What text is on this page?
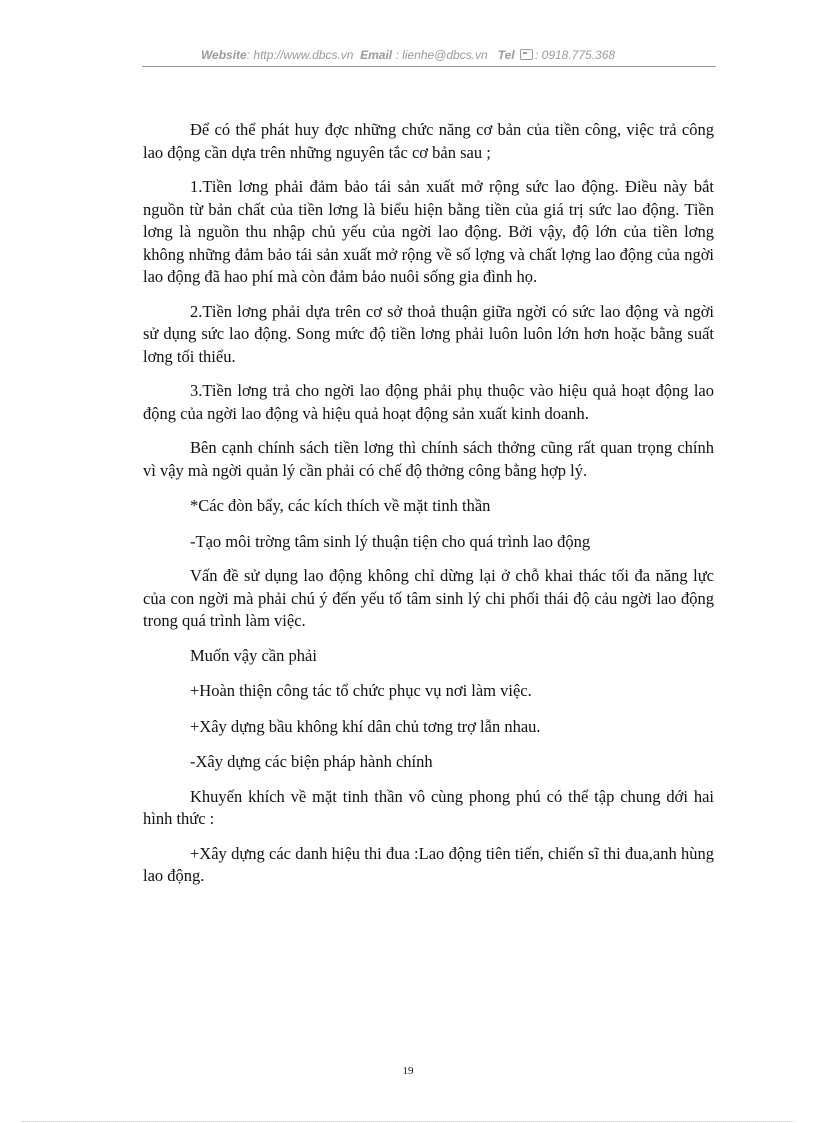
Website: http://www.dbcs.vn Email : lienhe@dbcs.vn Tel : 0918.775.368

Để có thể phát huy đợc những chức năng cơ bản của tiền công, việc trả công lao động cần dựa trên những nguyên tắc cơ bản sau ;

1.Tiền lơng phải đảm bảo tái sản xuất mở rộng sức lao động. Điều này bắt nguồn từ bản chất của tiền lơng là biểu hiện bằng tiền của giá trị sức lao động. Tiền lơng là nguồn thu nhập chủ yếu của ngời lao động. Bởi vậy, độ lớn của tiền lơng không những đảm bảo tái sản xuất mở rộng về số lợng và chất lợng lao động của ngời lao động đã hao phí mà còn đảm bảo nuôi sống gia đình họ.

2.Tiền lơng phải dựa trên cơ sở thoả thuận giữa ngời có sức lao động và ngời sử dụng sức lao động. Song mức độ tiền lơng phải luôn luôn lớn hơn hoặc bằng suất lơng tối thiểu.

3.Tiền lơng trả cho ngời lao động phải phụ thuộc vào hiệu quả hoạt động lao động của ngời lao động và hiệu quả hoạt động sản xuất kinh doanh.

Bên cạnh chính sách tiền lơng thì chính sách thởng cũng rất quan trọng chính vì vậy mà ngời quản lý cần phải có chế độ thởng công bằng hợp lý.

*Các đòn bẩy, các kích thích về mặt tinh thần

-Tạo môi trờng tâm sinh lý thuận tiện cho quá trình lao động

Vấn đề sử dụng lao động không chỉ dừng lại ở chỗ khai thác tối đa năng lực của con ngời mà phải chú ý đến yếu tố tâm sinh lý chi phối thái độ cảu ngời lao động trong quá trình làm việc.

Muốn vậy cần phải

+Hoàn thiện công tác tổ chức phục vụ nơi làm việc.

+Xây dựng bầu không khí dân chủ tơng trợ lẫn nhau.

-Xây dựng các biện pháp hành chính

Khuyến khích về mặt tinh thần vô cùng phong phú có thể tập chung dới hai hình thức :

+Xây dựng các danh hiệu thi đua :Lao động tiên tiến, chiến sĩ thi đua,anh hùng lao động.

19
